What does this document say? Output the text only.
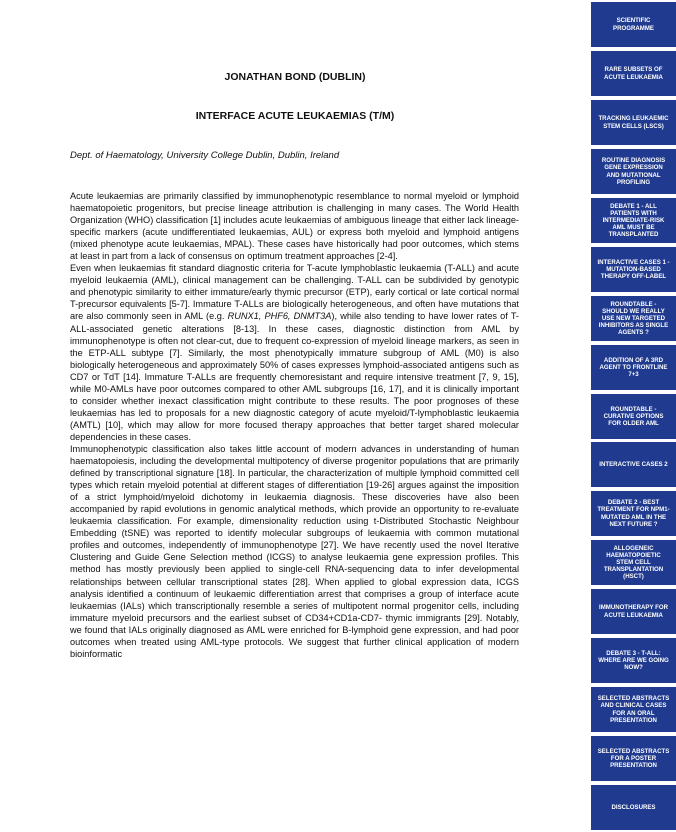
JONATHAN BOND (DUBLIN)
INTERFACE ACUTE LEUKAEMIAS (T/M)
Dept. of Haematology, University College Dublin, Dublin, Ireland

Acute leukaemias are primarily classified by immunophenotypic resemblance to normal myeloid or lymphoid haematopoietic progenitors, but precise lineage attribution is challenging in many cases. The World Health Organization (WHO) classification [1] includes acute leukaemias of ambiguous lineage that either lack lineage-specific markers (acute undifferentiated leukaemias, AUL) or express both myeloid and lymphoid antigens (mixed phenotype acute leukaemias, MPAL). These cases have historically had poor outcomes, which stems at least in part from a lack of consensus on optimum treatment approaches [2-4].

Even when leukaemias fit standard diagnostic criteria for T-acute lymphoblastic leukaemia (T-ALL) and acute myeloid leukaemia (AML), clinical management can be challenging. T-ALL can be subdivided by genotypic and phenotypic similarity to either immature/early thymic precursor (ETP), early cortical or late cortical normal T-precursor equivalents [5-7]. Immature T-ALLs are biologically heterogeneous, and often have mutations that are also commonly seen in AML (e.g. RUNX1, PHF6, DNMT3A), while also tending to have lower rates of T-ALL-associated genetic alterations [8-13]. In these cases, diagnostic distinction from AML by immunophenotype is often not clear-cut, due to frequent co-expression of myeloid lineage markers, as seen in the ETP-ALL subtype [7]. Similarly, the most phenotypically immature subgroup of AML (M0) is also biologically heterogeneous and approximately 50% of cases expresses lymphoid-associated antigens such as CD7 or TdT [14]. Immature T-ALLs are frequently chemoresistant and require intensive treatment [7, 9, 15], while M0-AMLs have poor outcomes compared to other AML subgroups [16, 17], and it is clinically important to consider whether inexact classification might contribute to these results. The poor prognoses of these leukaemias has led to proposals for a new diagnostic category of acute myeloid/T-lymphoblastic leukaemia (AMTL) [10], which may allow for more focused therapy approaches that better target shared molecular dependencies in these cases.

Immunophenotypic classification also takes little account of modern advances in understanding of human haematopoiesis, including the developmental multipotency of diverse progenitor populations that are primarily defined by transcriptional signature [18]. In particular, the characterization of multiple lymphoid committed cell types which retain myeloid potential at different stages of differentiation [19-26] argues against the imposition of a strict lymphoid/myeloid dichotomy in leukaemia diagnosis. These discoveries have also been accompanied by rapid evolutions in genomic analytical methods, which provide an opportunity to re-evaluate leukaemia classification. For example, dimensionality reduction using t-Distributed Stochastic Neighbour Embedding (tSNE) was reported to identify molecular subgroups of leukaemia with common mutational profiles and outcomes, independently of immunophenotype [27]. We have recently used the novel Iterative Clustering and Guide Gene Selection method (ICGS) to analyse leukaemia gene expression profiles. This method has mostly previously been applied to single-cell RNA-sequencing data to infer developmental relationships between cellular transcriptional states [28]. When applied to global expression data, ICGS analysis identified a continuum of leukaemic differentiation arrest that comprises a group of interface acute leukaemias (IALs) which transcriptionally resemble a series of multipotent normal progenitor cells, including immature myeloid precursors and the earliest subset of CD34+CD1a-CD7- thymic immigrants [29]. Notably, we found that IALs originally diagnosed as AML were enriched for B-lymphoid gene expression, and had poor outcomes when treated using AML-type protocols. We suggest that further clinical application of modern bioinformatic

SCIENTIFIC PROGRAMME
RARE SUBSETS OF ACUTE LEUKAEMIA
TRACKING LEUKAEMIC STEM CELLS (LSCS)
ROUTINE DIAGNOSIS GENE EXPRESSION AND MUTATIONAL PROFILING
DEBATE 1 - ALL PATIENTS WITH INTERMEDIATE-RISK AML MUST BE TRANSPLANTED
INTERACTIVE CASES 1 - MUTATION-BASED THERAPY OFF-LABEL
ROUNDTABLE - SHOULD WE REALLY USE NEW TARGETED INHIBITORS AS SINGLE AGENTS ?
ADDITION OF A 3RD AGENT TO FRONTLINE 7+3
ROUNDTABLE - CURATIVE OPTIONS FOR OLDER AML
INTERACTIVE CASES 2
DEBATE 2 - BEST TREATMENT FOR NPM1-MUTATED AML IN THE NEXT FUTURE ?
ALLOGENEIC HAEMATOPOIETIC STEM CELL TRANSPLANTATION (HSCT)
IMMUNOTHERAPY FOR ACUTE LEUKAEMIA
DEBATE 3 - T-ALL: WHERE ARE WE GOING NOW?
SELECTED ABSTRACTS AND CLINICAL CASES FOR AN ORAL PRESENTATION
SELECTED ABSTRACTS FOR A POSTER PRESENTATION
DISCLOSURES
